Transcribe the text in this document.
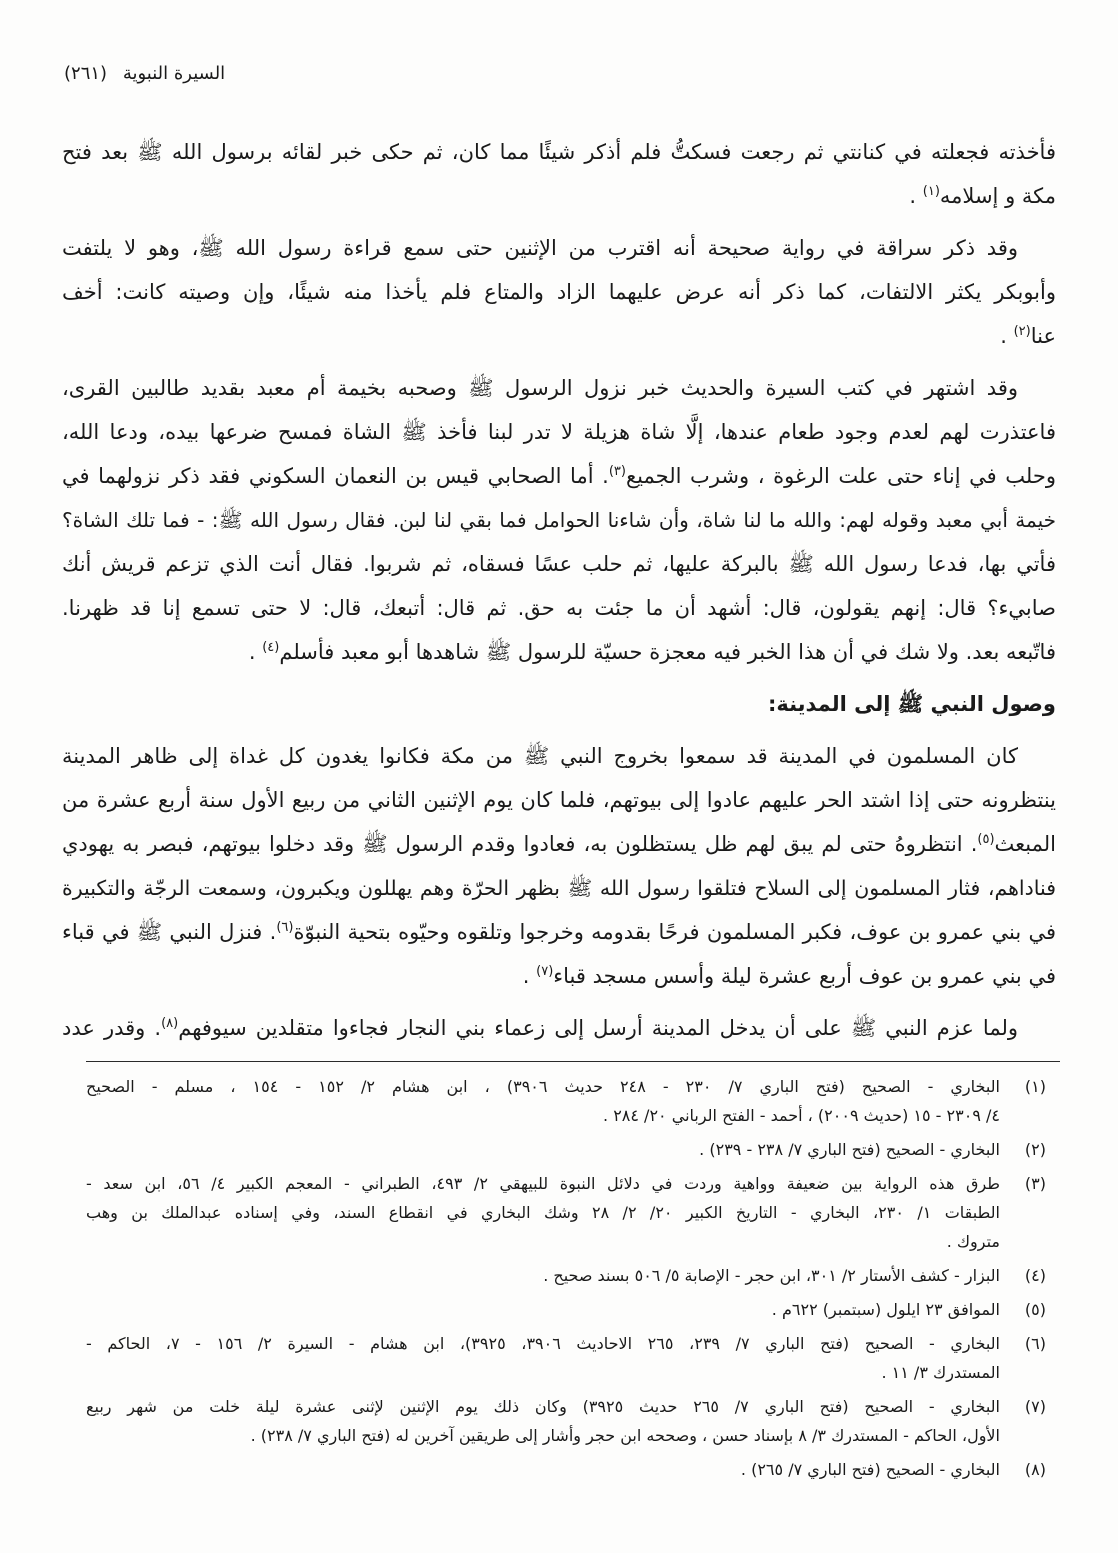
السيرة النبوية (٢٦١)
فأخذته فجعلته في كنانتي ثم رجعت فسكتُّ فلم أذكر شيئًا مما كان، ثم حكى خبر لقائه برسول الله ﷺ بعد فتح
مكة و إسلامه$^{(١)}$ .
وقد ذكر سراقة في رواية صحيحة أنه اقترب من الإثنين حتى سمع قراءة رسول الله ﷺ، وهو لا يلتفت
وأبوبكر يكثر الالتفات، كما ذكر أنه عرض عليهما الزاد والمتاع فلم يأخذا منه شيئًا، وإن وصيته كانت: أخف
عنا$^{(٢)}$ .
وقد اشتهر في كتب السيرة والحديث خبر نزول الرسول ﷺ وصحبه بخيمة أم معبد بقديد طالبين القرى،
فاعتذرت لهم لعدم وجود طعام عندها، إلَّا شاة هزيلة لا تدر لبنا فأخذ ﷺ الشاة فمسح ضرعها بيده، ودعا الله،
وحلب في إناء حتى علت الرغوة ، وشرب الجميع$^{(٣)}$. أما الصحابي قيس بن النعمان السكوني فقد ذكر نزولهما في
خيمة أبي معبد وقوله لهم: والله ما لنا شاة، وأن شاءنا الحوامل فما بقي لنا لبن. فقال رسول الله ﷺ: - فما تلك الشاة؟
فأتي بها، فدعا رسول الله ﷺ بالبركة عليها، ثم حلب عسًا فسقاه، ثم شربوا. فقال أنت الذي تزعم قريش أنك
صابيء؟ قال: إنهم يقولون، قال: أشهد أن ما جئت به حق. ثم قال: أتبعك، قال: لا حتى تسمع إنا قد ظهرنا.
فاتّبعه بعد. ولا شك في أن هذا الخبر فيه معجزة حسيّة للرسول ﷺ شاهدها أبو معبد فأسلم$^{(٤)}$ .
وصول النبي ﷺ إلى المدينة:
كان المسلمون في المدينة قد سمعوا بخروج النبي ﷺ من مكة فكانوا يغدون كل غداة إلى ظاهر المدينة
ينتظرونه حتى إذا اشتد الحر عليهم عادوا إلى بيوتهم، فلما كان يوم الإثنين الثاني من ربيع الأول سنة أربع عشرة من
المبعث$^{(٥)}$. انتظروهُ حتى لم يبق لهم ظل يستظلون به، فعادوا وقدم الرسول ﷺ وقد دخلوا بيوتهم، فبصر به يهودي
فناداهم، فثار المسلمون إلى السلاح فتلقوا رسول الله ﷺ بظهر الحرّة وهم يهللون ويكبرون، وسمعت الرجّة والتكبيرة
في بني عمرو بن عوف، فكبر المسلمون فرحًا بقدومه وخرجوا وتلقوه وحيّوه بتحية النبوّة$^{(٦)}$. فنزل النبي ﷺ في قباء
في بني عمرو بن عوف أربع عشرة ليلة وأسس مسجد قباء$^{(٧)}$ .
ولما عزم النبي ﷺ على أن يدخل المدينة أرسل إلى زعماء بني النجار فجاءوا متقلدين سيوفهم$^{(٨)}$. وقدر عدد
(١)
البخاري - الصحيح (فتح الباري ٧/ ٢٣٠ - ٢٤٨ حديث ٣٩٠٦) ، ابن هشام ٢/ ١٥٢ - ١٥٤ ، مسلم - الصحيح
٤/ ٢٣٠٩ - ١٥ (حديث ٢٠٠٩) ، أحمد - الفتح الرباني ٢٠/ ٢٨٤ .
(٢)
البخاري - الصحيح (فتح الباري ٧/ ٢٣٨ - ٢٣٩) .
(٣)
طرق هذه الرواية بين ضعيفة وواهية وردت في دلائل النبوة للبيهقي ٢/ ٤٩٣، الطبراني - المعجم الكبير ٤/ ٥٦، ابن سعد -
الطبقات ١/ ٢٣٠، البخاري - التاريخ الكبير ٢٠/ ٢/ ٢٨ وشك البخاري في انقطاع السند، وفي إسناده عبدالملك بن وهب
متروك .
(٤)
البزار - كشف الأستار ٢/ ٣٠١، ابن حجر - الإصابة ٥/ ٥٠٦ بسند صحيح .
(٥)
الموافق ٢٣ ايلول (سبتمبر) ٦٢٢م .
(٦)
البخاري - الصحيح (فتح الباري ٧/ ٢٣٩، ٢٦٥ الاحاديث ٣٩٠٦، ٣٩٢٥)، ابن هشام - السيرة ٢/ ١٥٦ - ٧، الحاكم -
المستدرك ٣/ ١١ .
(٧)
البخاري - الصحيح (فتح الباري ٧/ ٢٦٥ حديث ٣٩٢٥) وكان ذلك يوم الإثنين لإثنى عشرة ليلة خلت من شهر ربيع
الأول، الحاكم - المستدرك ٣/ ٨ بإسناد حسن ، وصححه ابن حجر وأشار إلى طريقين آخرين له (فتح الباري ٧/ ٢٣٨) .
(٨)
البخاري - الصحيح (فتح الباري ٧/ ٢٦٥) .
